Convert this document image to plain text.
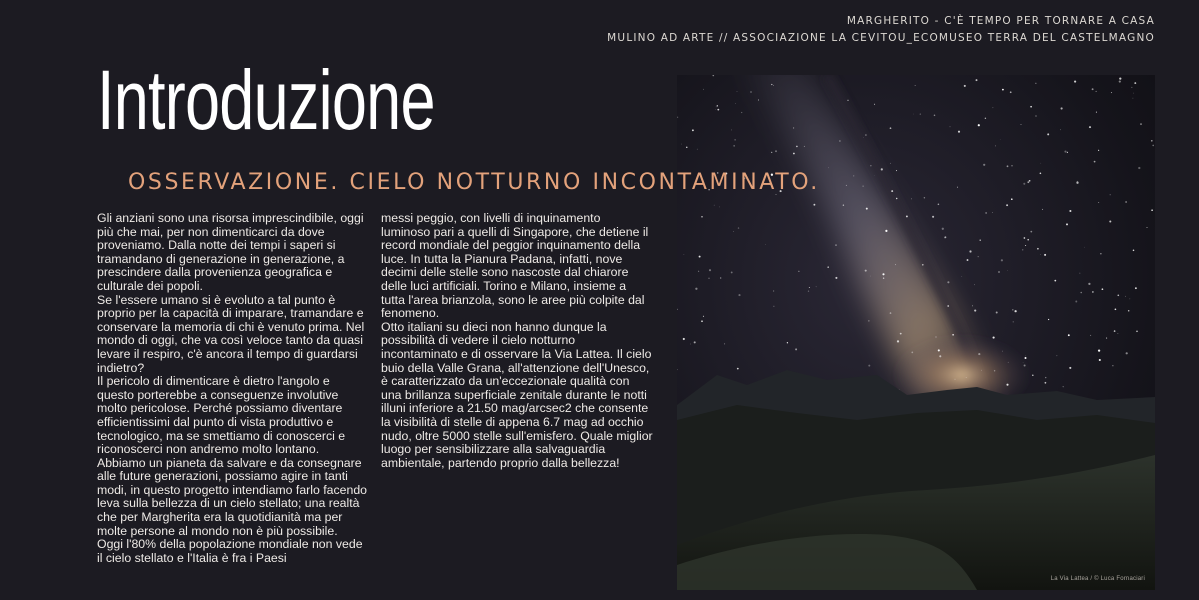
MARGHERITO - C'È TEMPO PER TORNARE A CASA
MULINO AD ARTE // ASSOCIAZIONE LA CEVITOU_ECOMUSEO TERRA DEL CASTELMAGNO
La Via Lattea / © Luca Fornaciari
Introduzione
OSSERVAZIONE. CIELO NOTTURNO INCONTAMINATO.

Gli anziani sono una risorsa imprescindibile, oggi più che mai, per non dimenticarci da dove proveniamo. Dalla notte dei tempi i saperi si tramandano di generazione in generazione, a prescindere dalla provenienza geografica e culturale dei popoli.

Se l'essere umano si è evoluto a tal punto è proprio per la capacità di imparare, tramandare e conservare la memoria di chi è venuto prima. Nel mondo di oggi, che va così veloce tanto da quasi levare il respiro, c'è ancora il tempo di guardarsi indietro?

Il pericolo di dimenticare è dietro l'angolo e questo porterebbe a conseguenze involutive molto pericolose. Perché possiamo diventare efficientissimi dal punto di vista produttivo e tecnologico, ma se smettiamo di conoscerci e riconoscerci non andremo molto lontano. Abbiamo un pianeta da salvare e da consegnare alle future generazioni, possiamo agire in tanti modi, in questo progetto intendiamo farlo facendo leva sulla bellezza di un cielo stellato; una realtà che per Margherita era la quotidianità ma per molte persone al mondo non è più possibile.

Oggi l'80% della popolazione mondiale non vede il cielo stellato e l'Italia è fra i Paesi

messi peggio, con livelli di inquinamento luminoso pari a quelli di Singapore, che detiene il record mondiale del peggior inquinamento della luce. In tutta la Pianura Padana, infatti, nove decimi delle stelle sono nascoste dal chiarore delle luci artificiali. Torino e Milano, insieme a tutta l'area brianzola, sono le aree più colpite dal fenomeno.

Otto italiani su dieci non hanno dunque la possibilità di vedere il cielo notturno incontaminato e di osservare la Via Lattea. Il cielo buio della Valle Grana, all'attenzione dell'Unesco, è caratterizzato da un'eccezionale qualità con una brillanza superficiale zenitale durante le notti illuni inferiore a 21.50 mag/arcsec2 che consente la visibilità di stelle di appena 6.7 mag ad occhio nudo, oltre 5000 stelle sull'emisfero. Quale miglior luogo per sensibilizzare alla salvaguardia ambientale, partendo proprio dalla bellezza!
